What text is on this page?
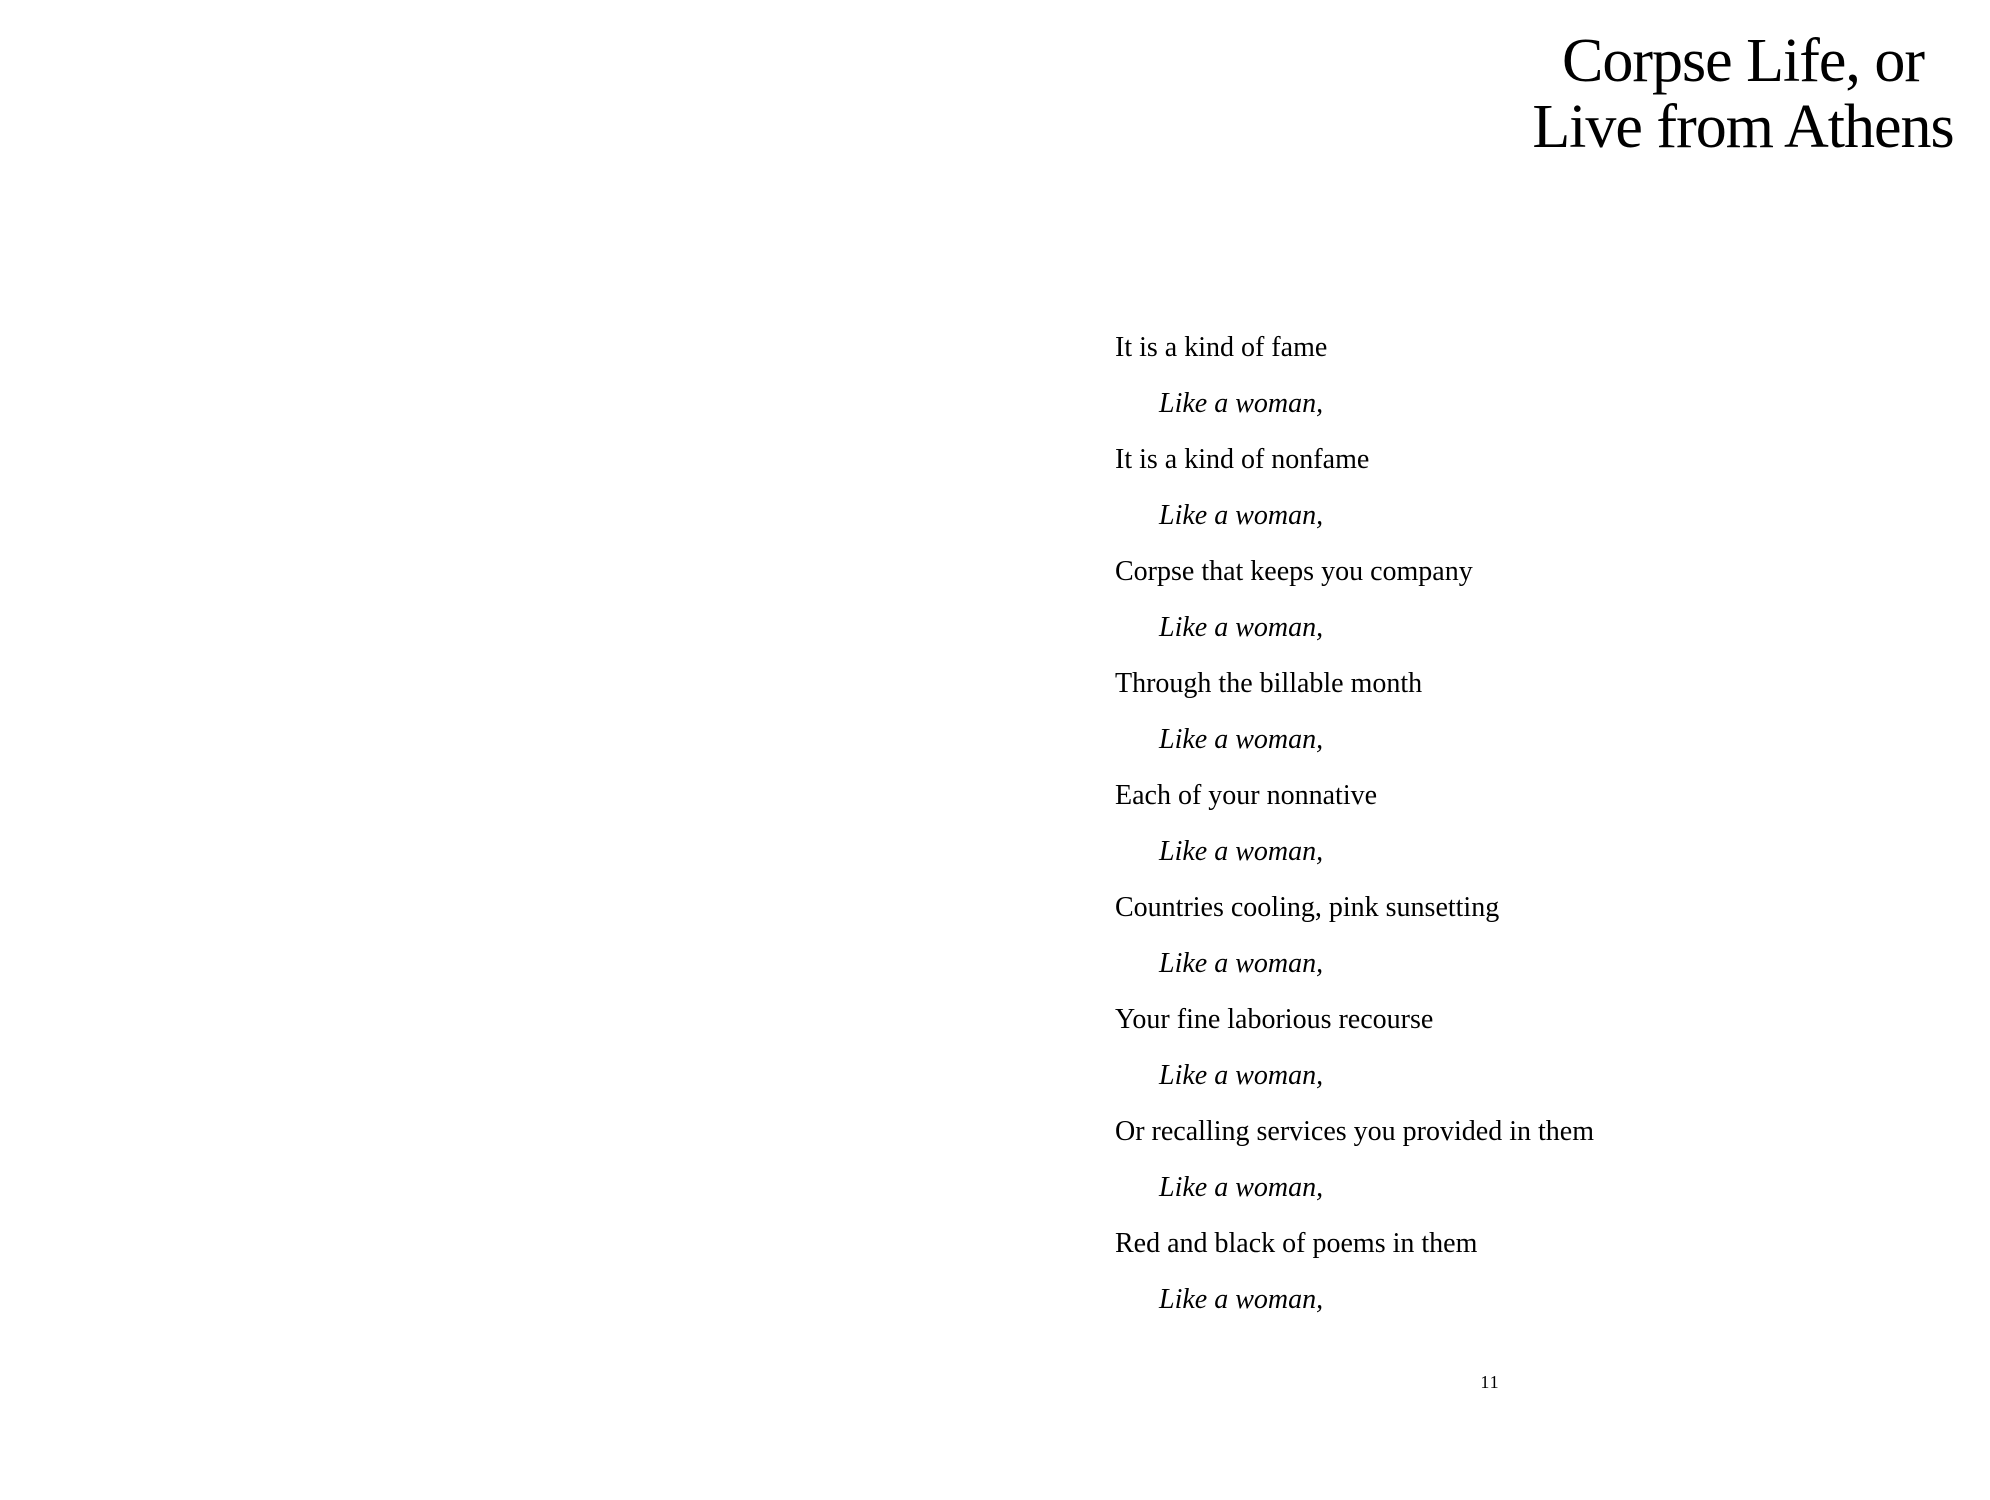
Corpse Life, or
Live from Athens
It is a kind of fame
Like a woman,
It is a kind of nonfame
Like a woman,
Corpse that keeps you company
Like a woman,
Through the billable month
Like a woman,
Each of your nonnative
Like a woman,
Countries cooling, pink sunsetting
Like a woman,
Your fine laborious recourse
Like a woman,
Or recalling services you provided in them
Like a woman,
Red and black of poems in them
Like a woman,
11
